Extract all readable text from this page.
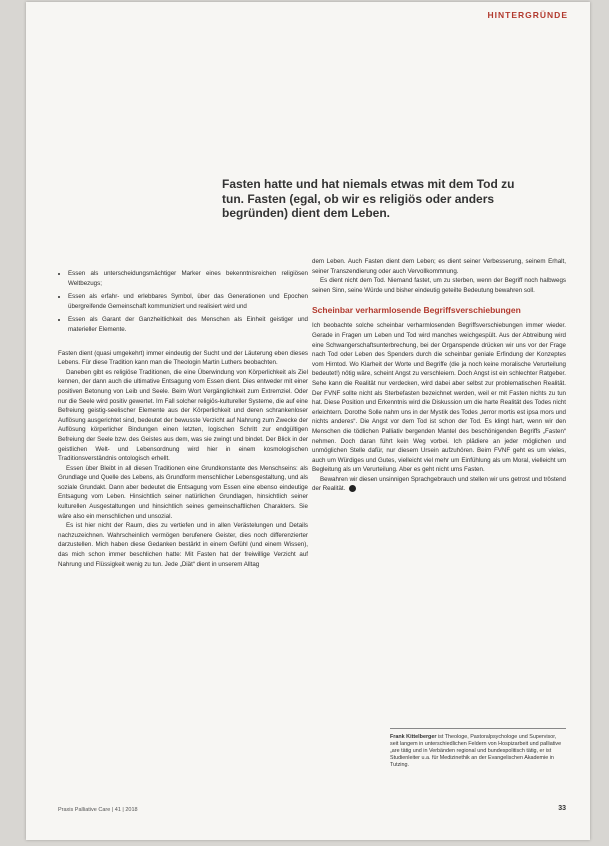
HINTERGRÜNDE
Fasten hatte und hat niemals etwas mit dem Tod zu tun. Fasten (egal, ob wir es religiös oder anders begründen) dient dem Leben.
• Essen als unterscheidungsmächtiger Marker eines bekenntnisreichen religiösen Weltbezugs;
• Essen als erfahr- und erlebbares Symbol, über das Generationen und Epochen übergreifende Gemeinschaft kommuniziert und realisiert wird und
• Essen als Garant der Ganzheitlichkeit des Menschen als Einheit geistiger und materieller Elemente.

Fasten dient (quasi umgekehrt) immer eindeutig der Sucht und der Läuterung eben dieses Lebens. Für diese Tradition kann man die Theologin Martin Luthers beobachten.

Daneben gibt es religiöse Traditionen, die eine Überwindung von Körperlichkeit als Ziel kennen, der dann auch die ultimative Entsagung vom Essen dient. Dies entweder mit einer positiven Betonung von Leib und Seele. Beim Wort Vergänglichkeit zum Extremziel. Oder nur die Seele wird positiv gewertet. Im Fall solcher religiös-kultureller Systeme, die auf eine Befreiung geistig-seelischer Elemente aus der Körperlichkeit und deren schrankenloser Auflösung ausgerichtet sind, bedeutet der bewusste Verzicht auf Nahrung zum Zwecke der Auflösung körperlicher Bindungen einen letzten, logischen Schritt zur endgültigen Befreiung der Seele bzw. des Geistes aus dem, was sie zwingt und bindet. Der Blick in der geistlichen Welt- und Lebensordnung wird hier in einem kosmologischen Traditionsverständnis ontologisch erhellt.

Essen über Bleibt in all diesen Traditionen eine Grundkonstante des Menschseins: als Grundlage und Quelle des Lebens, als Grundform menschlicher Lebensgestaltung, und als soziale Grundakt. Dann aber bedeutet die Entsagung vom Essen eine ebenso eindeutige Entsagung vom Leben. Hinsichtlich seiner natürlichen Grundlagen, hinsichtlich seiner kulturellen Ausgestaltungen und hinsichtlich seines gemeinschaftlichen Charakters. Sie wäre also ein menschlichen und unsozial.

Es ist hier nicht der Raum, dies zu vertiefen und in allen Verästelungen und Details nachzuzeichnen. Wahrscheinlich vermögen berufenere Geister, dies noch differenzierter darzustellen. Mich haben diese Gedanken bestärkt in einem Gefühl (und einem Wissen), das mich schon immer beschlichen hatte: Mit Fasten hat der freiwillige Verzicht auf Nahrung und Flüssigkeit wenig zu tun. Jede „Diät“ dient in unserem Alltag

dem Leben. Auch Fasten dient dem Leben; es dient seiner Verbesserung, seinem Erhalt, seiner Transzendierung oder auch Vervollkommnung.

Es dient nicht dem Tod. Niemand fastet, um zu sterben, wenn der Begriff noch halbwegs seinen Sinn, seine Würde und bisher eindeutig geteilte Bedeutung bewahren soll.

Scheinbar verharmlosende Begriffsverschiebungen

Ich beobachte solche scheinbar verharmlosenden Begriffsverschiebungen immer wieder. Gerade in Fragen um Leben und Tod wird manches weichgespült. Aus der Abtreibung wird eine Schwangerschaftsunterbrechung, bei der Organspende drücken wir uns vor der Frage nach Tod oder Leben des Spenders durch die scheinbar geniale Erfindung der Konzeptes vom Hirntod. Wo Klarheit der Worte und Begriffe (die ja noch keine moralische Verurteilung bedeutet!) nötig wäre, scheint Angst zu verschleiern. Doch Angst ist ein schlechter Ratgeber. Sehe kann die Realität nur verdecken, wird dabei aber selbst zur problematischen Realität. Der FVNF sollte nicht als Sterbefasten bezeichnet werden, weil er mit Fasten nichts zu tun hat. Diese Position und Erkenntnis wird die Diskussion um die harte Realität des Todes nicht erleichtern. Dorothe Solle nahm uns in der Mystik des Todes „terror mortis est ipsa mors und nichts anderes“. Die Angst vor dem Tod ist schon der Tod. Es klingt hart, wenn wir den Menschen die tödlichen Palliativ bergenden Mantel des beschönigenden Begriffs „Fasten“ nehmen. Doch daran führt kein Weg vorbei. Ich plädiere an jeder möglichen und unmöglichen Stelle dafür, nur diesem Ursein aufzuhören. Beim FVNF geht es um vieles, auch um Würdiges und Gutes, vielleicht viel mehr um Einfühlung als um Moral, vielleicht um Begleitung als um Verurteilung. Aber es geht nicht ums Fasten.

Bewahren wir diesen unsinnigen Sprachgebrauch und stellen wir uns getrost und tröstend der Realität.

Frank Kittelberger ist Theologe, Pastoralpsychologe und Supervisor, seit langem in unterschiedlichen Feldern von Hospizarbeit und palliative „are tätig und in Verbänden regional und bundespolitisch tätig, er ist Studienleiter u.a. für Medizinethik an der Evangelischen Akademie in Tutzing.
Praxis Palliative Care | 41 | 2018	33
